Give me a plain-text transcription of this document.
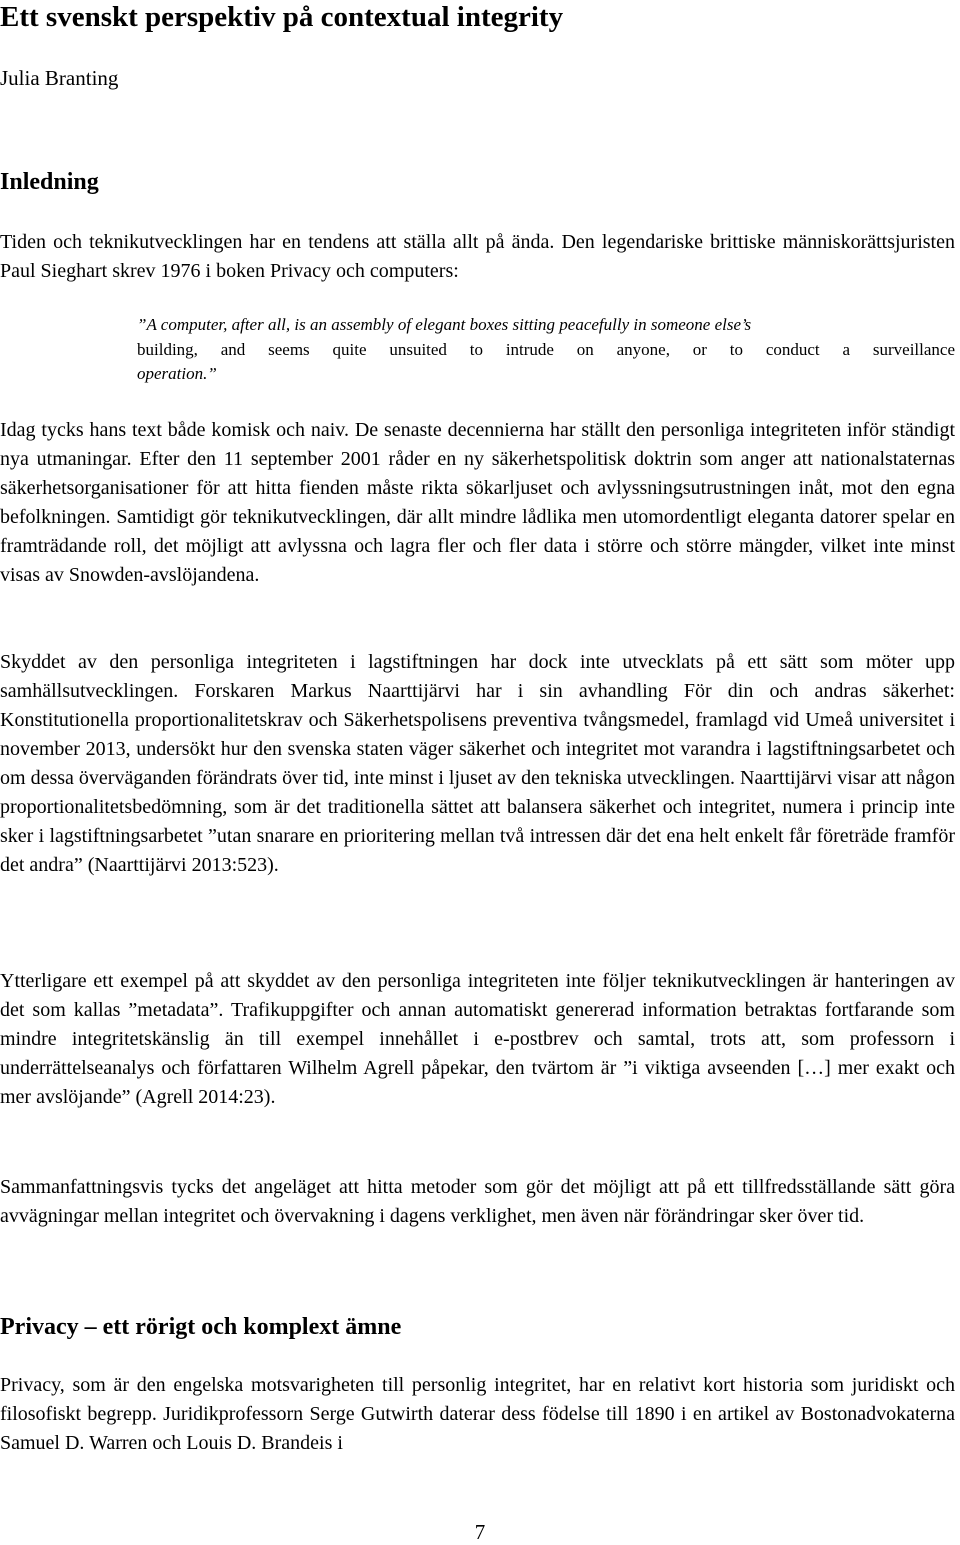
Ett svenskt perspektiv på contextual integrity
Julia Branting
Inledning

Tiden och teknikutvecklingen har en tendens att ställa allt på ända. Den legendariske brittiske människorättsjuristen Paul Sieghart skrev 1976 i boken Privacy och computers:

”A computer, after all, is an assembly of elegant boxes sitting peacefully in someone else’s
building, and seems quite unsuited to intrude on anyone, or to conduct a surveillance
operation.”

Idag tycks hans text både komisk och naiv. De senaste decennierna har ställt den personliga integriteten inför ständigt nya utmaningar. Efter den 11 september 2001 råder en ny säkerhetspolitisk doktrin som anger att nationalstaternas säkerhetsorganisationer för att hitta fienden måste rikta sökarljuset och avlyssningsutrustningen inåt, mot den egna befolkningen. Samtidigt gör teknikutvecklingen, där allt mindre lådlika men utomordentligt eleganta datorer spelar en framträdande roll, det möjligt att avlyssna och lagra fler och fler data i större och större mängder, vilket inte minst visas av Snowden-avslöjandena.

Skyddet av den personliga integriteten i lagstiftningen har dock inte utvecklats på ett sätt som möter upp samhällsutvecklingen. Forskaren Markus Naarttijärvi har i sin avhandling För din och andras säkerhet: Konstitutionella proportionalitetskrav och Säkerhetspolisens preventiva tvångsmedel, framlagd vid Umeå universitet i november 2013, undersökt hur den svenska staten väger säkerhet och integritet mot varandra i lagstiftningsarbetet och om dessa överväganden förändrats över tid, inte minst i ljuset av den tekniska utvecklingen. Naarttijärvi visar att någon proportionalitetsbedömning, som är det traditionella sättet att balansera säkerhet och integritet, numera i princip inte sker i lagstiftningsarbetet ”utan snarare en prioritering mellan två intressen där det ena helt enkelt får företräde framför det andra” (Naarttijärvi 2013:523).

Ytterligare ett exempel på att skyddet av den personliga integriteten inte följer teknikutvecklingen är hanteringen av det som kallas ”metadata”. Trafikuppgifter och annan automatiskt genererad information betraktas fortfarande som mindre integritetskänslig än till exempel innehållet i e-postbrev och samtal, trots att, som professorn i underrättelseanalys och författaren Wilhelm Agrell påpekar, den tvärtom är ”i viktiga avseenden […] mer exakt och mer avslöjande” (Agrell 2014:23).

Sammanfattningsvis tycks det angeläget att hitta metoder som gör det möjligt att på ett tillfredsställande sätt göra avvägningar mellan integritet och övervakning i dagens verklighet, men även när förändringar sker över tid.

Privacy – ett rörigt och komplext ämne

Privacy, som är den engelska motsvarigheten till personlig integritet, har en relativt kort historia som juridiskt och filosofiskt begrepp. Juridikprofessorn Serge Gutwirth daterar dess födelse till 1890 i en artikel av Bostonadvokaterna Samuel D. Warren och Louis D. Brandeis i

7
